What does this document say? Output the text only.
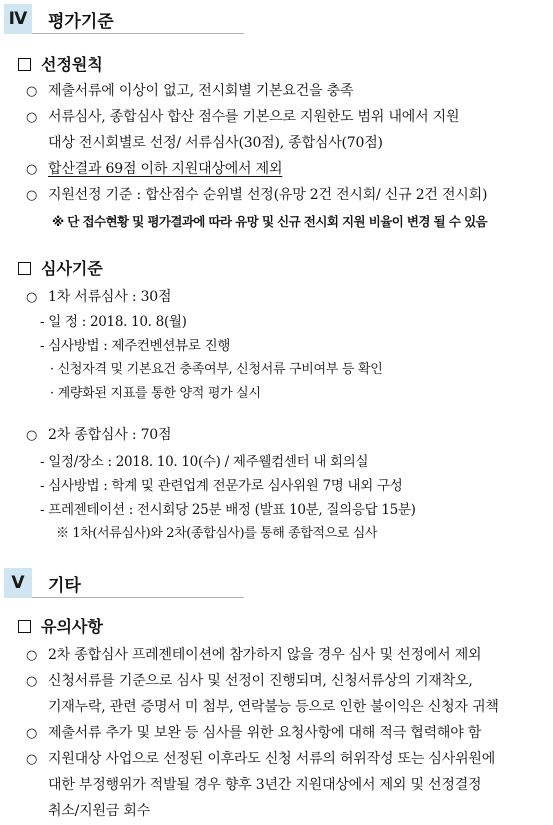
Ⅳ 평가기준
선정원칙
○ 제출서류에 이상이 없고, 전시회별 기본요건을 충족
○ 서류심사, 종합심사 합산 점수를 기본으로 지원한도 범위 내에서 지원
대상 전시회별로 선정/ 서류심사(30점), 종합심사(70점)
○ 합산결과 69점 이하 지원대상에서 제외
○ 지원선정 기준 : 합산점수 순위별 선정(유망 2건 전시회/ 신규 2건 전시회)
※ 단 접수현황 및 평가결과에 따라 유망 및 신규 전시회 지원 비율이 변경 될 수 있음
심사기준
○ 1차 서류심사 : 30점
- 일 정 : 2018. 10. 8(월)
- 심사방법 : 제주컨벤션뷰로 진행
· 신청자격 및 기본요건 충족여부, 신청서류 구비여부 등 확인
· 계량화된 지표를 통한 양적 평가 실시
○ 2차 종합심사 : 70점
- 일정/장소 : 2018. 10. 10(수) / 제주웰컴센터 내 회의실
- 심사방법 : 학계 및 관련업계 전문가로 심사위원 7명 내외 구성
- 프레젠테이션 : 전시회당 25분 배정 (발표 10분, 질의응답 15분)
※ 1차(서류심사)와 2차(종합심사)를 통해 종합적으로 심사
Ⅴ 기타
유의사항
○ 2차 종합심사 프레젠테이션에 참가하지 않을 경우 심사 및 선정에서 제외
○ 신청서류를 기준으로 심사 및 선정이 진행되며, 신청서류상의 기재착오,
기재누락, 관련 증명서 미 첨부, 연락불능 등으로 인한 불이익은 신청자 귀책
○ 제출서류 추가 및 보완 등 심사를 위한 요청사항에 대해 적극 협력해야 함
○ 지원대상 사업으로 선정된 이후라도 신청 서류의 허위작성 또는 심사위원에
대한 부정행위가 적발될 경우 향후 3년간 지원대상에서 제외 및 선정결정
취소/지원금 회수
